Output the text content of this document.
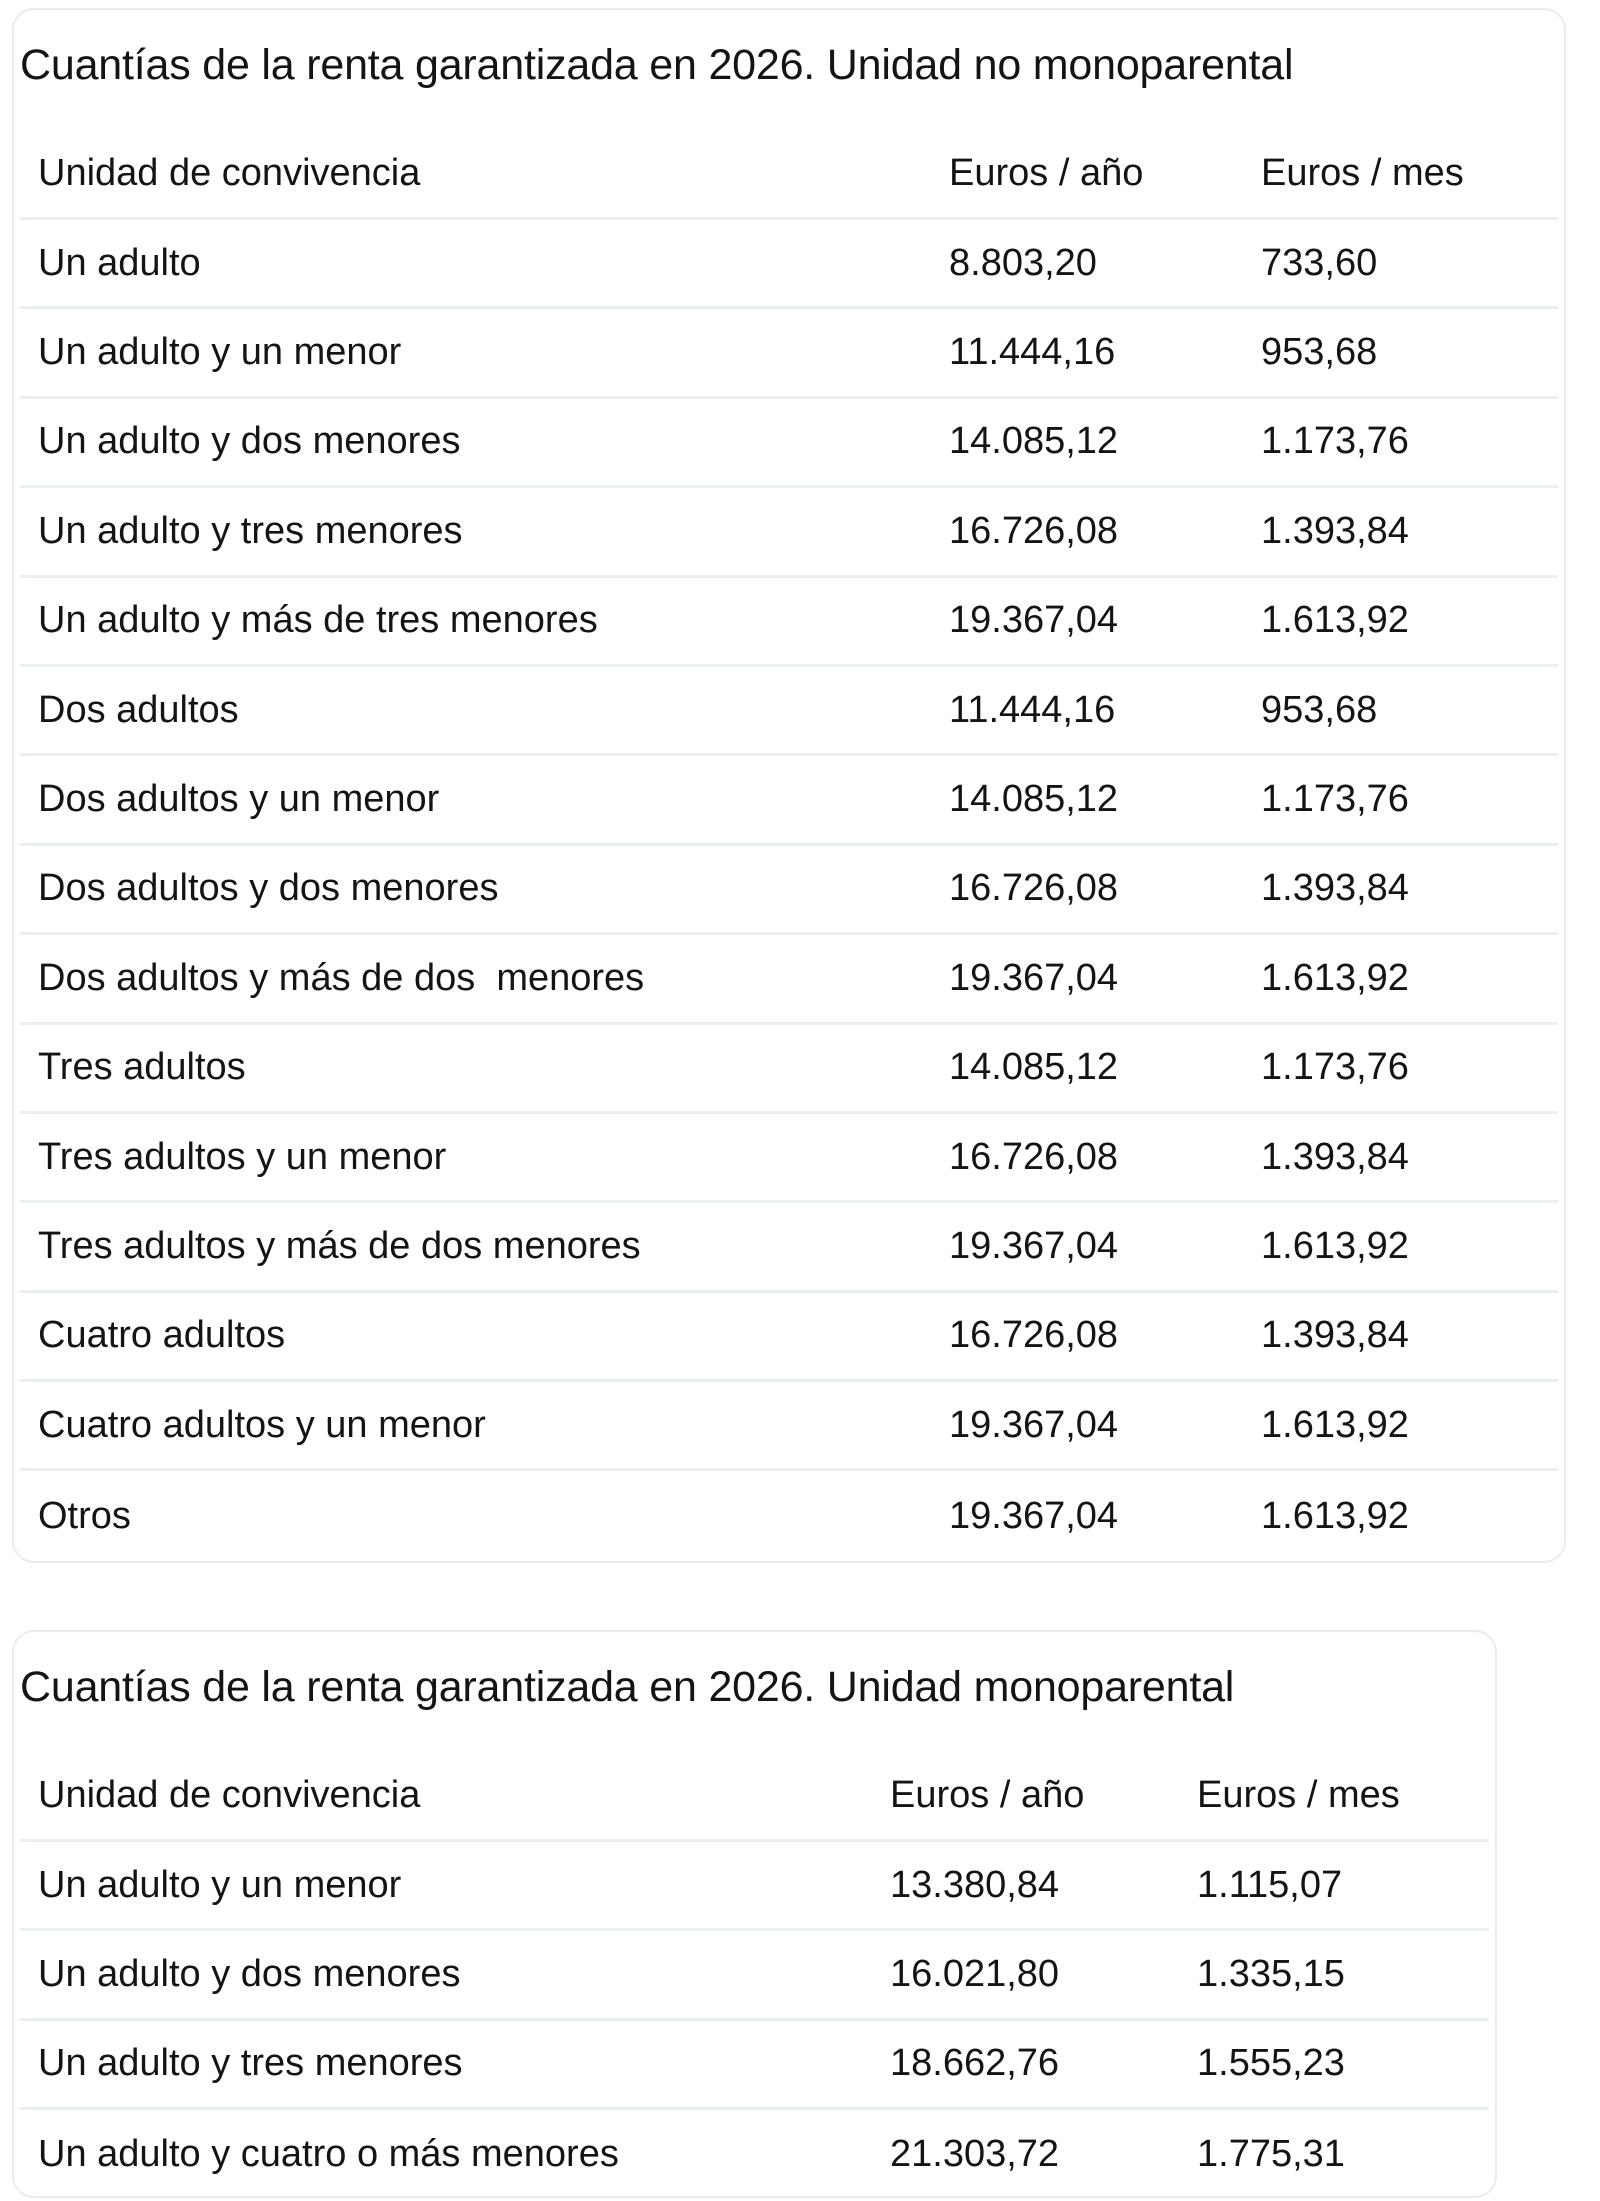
Cuantías de la renta garantizada en 2026. Unidad no monoparental
Unidad de convivencia	Euros / año	Euros / mes
Un adulto	8.803,20	733,60
Un adulto y un menor	11.444,16	953,68
Un adulto y dos menores	14.085,12	1.173,76
Un adulto y tres menores	16.726,08	1.393,84
Un adulto y más de tres menores	19.367,04	1.613,92
Dos adultos	11.444,16	953,68
Dos adultos y un menor	14.085,12	1.173,76
Dos adultos y dos menores	16.726,08	1.393,84
Dos adultos y más de dos  menores	19.367,04	1.613,92
Tres adultos	14.085,12	1.173,76
Tres adultos y un menor	16.726,08	1.393,84
Tres adultos y más de dos menores	19.367,04	1.613,92
Cuatro adultos	16.726,08	1.393,84
Cuatro adultos y un menor	19.367,04	1.613,92
Otros	19.367,04	1.613,92
Cuantías de la renta garantizada en 2026. Unidad monoparental
Unidad de convivencia	Euros / año	Euros / mes
Un adulto y un menor	13.380,84	1.115,07
Un adulto y dos menores	16.021,80	1.335,15
Un adulto y tres menores	18.662,76	1.555,23
Un adulto y cuatro o más menores	21.303,72	1.775,31
